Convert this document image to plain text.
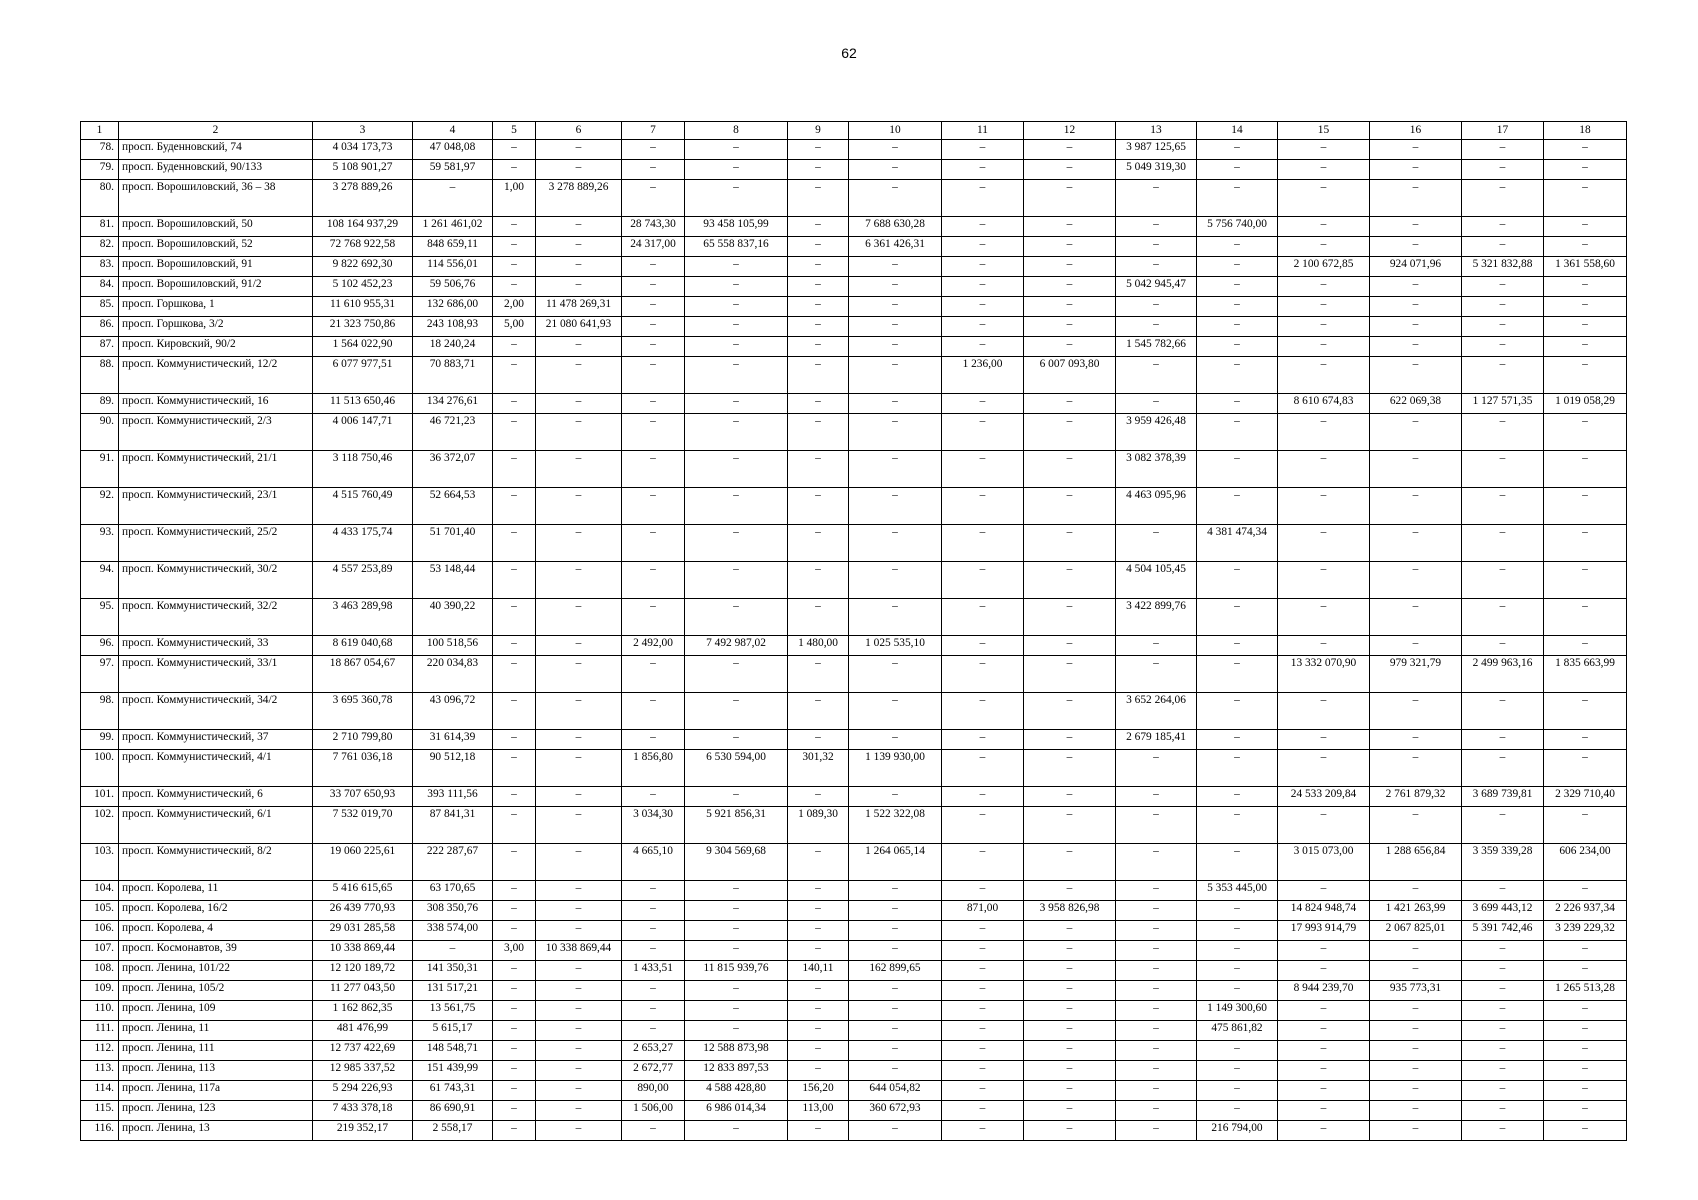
62
1	2	3	4	5	6	7	8	9	10	11	12	13	14	15	16	17	18
78.	просп. Буденновский, 74	4 034 173,73	47 048,08	–	–	–	–	–	–	–	–	3 987 125,65	–	–	–	–	–
79.	просп. Буденновский, 90/133	5 108 901,27	59 581,97	–	–	–	–	–	–	–	–	5 049 319,30	–	–	–	–	–
80.	просп. Ворошиловский, 36 – 38	3 278 889,26	–	1,00	3 278 889,26	–	–	–	–	–	–	–	–	–	–	–	–
81.	просп. Ворошиловский, 50	108 164 937,29	1 261 461,02	–	–	28 743,30	93 458 105,99	–	7 688 630,28	–	–	–	5 756 740,00	–	–	–	–
82.	просп. Ворошиловский, 52	72 768 922,58	848 659,11	–	–	24 317,00	65 558 837,16	–	6 361 426,31	–	–	–	–	–	–	–	–
83.	просп. Ворошиловский, 91	9 822 692,30	114 556,01	–	–	–	–	–	–	–	–	–	–	2 100 672,85	924 071,96	5 321 832,88	1 361 558,60
84.	просп. Ворошиловский, 91/2	5 102 452,23	59 506,76	–	–	–	–	–	–	–	–	5 042 945,47	–	–	–	–	–
85.	просп. Горшкова, 1	11 610 955,31	132 686,00	2,00	11 478 269,31	–	–	–	–	–	–	–	–	–	–	–	–
86.	просп. Горшкова, 3/2	21 323 750,86	243 108,93	5,00	21 080 641,93	–	–	–	–	–	–	–	–	–	–	–	–
87.	просп. Кировский, 90/2	1 564 022,90	18 240,24	–	–	–	–	–	–	–	–	1 545 782,66	–	–	–	–	–
88.	просп. Коммунистический, 12/2	6 077 977,51	70 883,71	–	–	–	–	–	–	1 236,00	6 007 093,80	–	–	–	–	–	–
89.	просп. Коммунистический, 16	11 513 650,46	134 276,61	–	–	–	–	–	–	–	–	–	–	8 610 674,83	622 069,38	1 127 571,35	1 019 058,29
90.	просп. Коммунистический, 2/3	4 006 147,71	46 721,23	–	–	–	–	–	–	–	–	3 959 426,48	–	–	–	–	–
91.	просп. Коммунистический, 21/1	3 118 750,46	36 372,07	–	–	–	–	–	–	–	–	3 082 378,39	–	–	–	–	–
92.	просп. Коммунистический, 23/1	4 515 760,49	52 664,53	–	–	–	–	–	–	–	–	4 463 095,96	–	–	–	–	–
93.	просп. Коммунистический, 25/2	4 433 175,74	51 701,40	–	–	–	–	–	–	–	–	–	4 381 474,34	–	–	–	–
94.	просп. Коммунистический, 30/2	4 557 253,89	53 148,44	–	–	–	–	–	–	–	–	4 504 105,45	–	–	–	–	–
95.	просп. Коммунистический, 32/2	3 463 289,98	40 390,22	–	–	–	–	–	–	–	–	3 422 899,76	–	–	–	–	–
96.	просп. Коммунистический, 33	8 619 040,68	100 518,56	–	–	2 492,00	7 492 987,02	1 480,00	1 025 535,10	–	–	–	–	–	–	–	–
97.	просп. Коммунистический, 33/1	18 867 054,67	220 034,83	–	–	–	–	–	–	–	–	–	–	13 332 070,90	979 321,79	2 499 963,16	1 835 663,99
98.	просп. Коммунистический, 34/2	3 695 360,78	43 096,72	–	–	–	–	–	–	–	–	3 652 264,06	–	–	–	–	–
99.	просп. Коммунистический, 37	2 710 799,80	31 614,39	–	–	–	–	–	–	–	–	2 679 185,41	–	–	–	–	–
100.	просп. Коммунистический, 4/1	7 761 036,18	90 512,18	–	–	1 856,80	6 530 594,00	301,32	1 139 930,00	–	–	–	–	–	–	–	–
101.	просп. Коммунистический, 6	33 707 650,93	393 111,56	–	–	–	–	–	–	–	–	–	–	24 533 209,84	2 761 879,32	3 689 739,81	2 329 710,40
102.	просп. Коммунистический, 6/1	7 532 019,70	87 841,31	–	–	3 034,30	5 921 856,31	1 089,30	1 522 322,08	–	–	–	–	–	–	–	–
103.	просп. Коммунистический, 8/2	19 060 225,61	222 287,67	–	–	4 665,10	9 304 569,68	–	1 264 065,14	–	–	–	–	3 015 073,00	1 288 656,84	3 359 339,28	606 234,00
104.	просп. Королева, 11	5 416 615,65	63 170,65	–	–	–	–	–	–	–	–	–	5 353 445,00	–	–	–	–
105.	просп. Королева, 16/2	26 439 770,93	308 350,76	–	–	–	–	–	–	871,00	3 958 826,98	–	–	14 824 948,74	1 421 263,99	3 699 443,12	2 226 937,34
106.	просп. Королева, 4	29 031 285,58	338 574,00	–	–	–	–	–	–	–	–	–	–	17 993 914,79	2 067 825,01	5 391 742,46	3 239 229,32
107.	просп. Космонавтов, 39	10 338 869,44	–	3,00	10 338 869,44	–	–	–	–	–	–	–	–	–	–	–	–
108.	просп. Ленина, 101/22	12 120 189,72	141 350,31	–	–	1 433,51	11 815 939,76	140,11	162 899,65	–	–	–	–	–	–	–	–
109.	просп. Ленина, 105/2	11 277 043,50	131 517,21	–	–	–	–	–	–	–	–	–	–	8 944 239,70	935 773,31	–	1 265 513,28
110.	просп. Ленина, 109	1 162 862,35	13 561,75	–	–	–	–	–	–	–	–	–	1 149 300,60	–	–	–	–
111.	просп. Ленина, 11	481 476,99	5 615,17	–	–	–	–	–	–	–	–	–	475 861,82	–	–	–	–
112.	просп. Ленина, 111	12 737 422,69	148 548,71	–	–	2 653,27	12 588 873,98	–	–	–	–	–	–	–	–	–	–
113.	просп. Ленина, 113	12 985 337,52	151 439,99	–	–	2 672,77	12 833 897,53	–	–	–	–	–	–	–	–	–	–
114.	просп. Ленина, 117а	5 294 226,93	61 743,31	–	–	890,00	4 588 428,80	156,20	644 054,82	–	–	–	–	–	–	–	–
115.	просп. Ленина, 123	7 433 378,18	86 690,91	–	–	1 506,00	6 986 014,34	113,00	360 672,93	–	–	–	–	–	–	–	–
116.	просп. Ленина, 13	219 352,17	2 558,17	–	–	–	–	–	–	–	–	–	216 794,00	–	–	–	–
